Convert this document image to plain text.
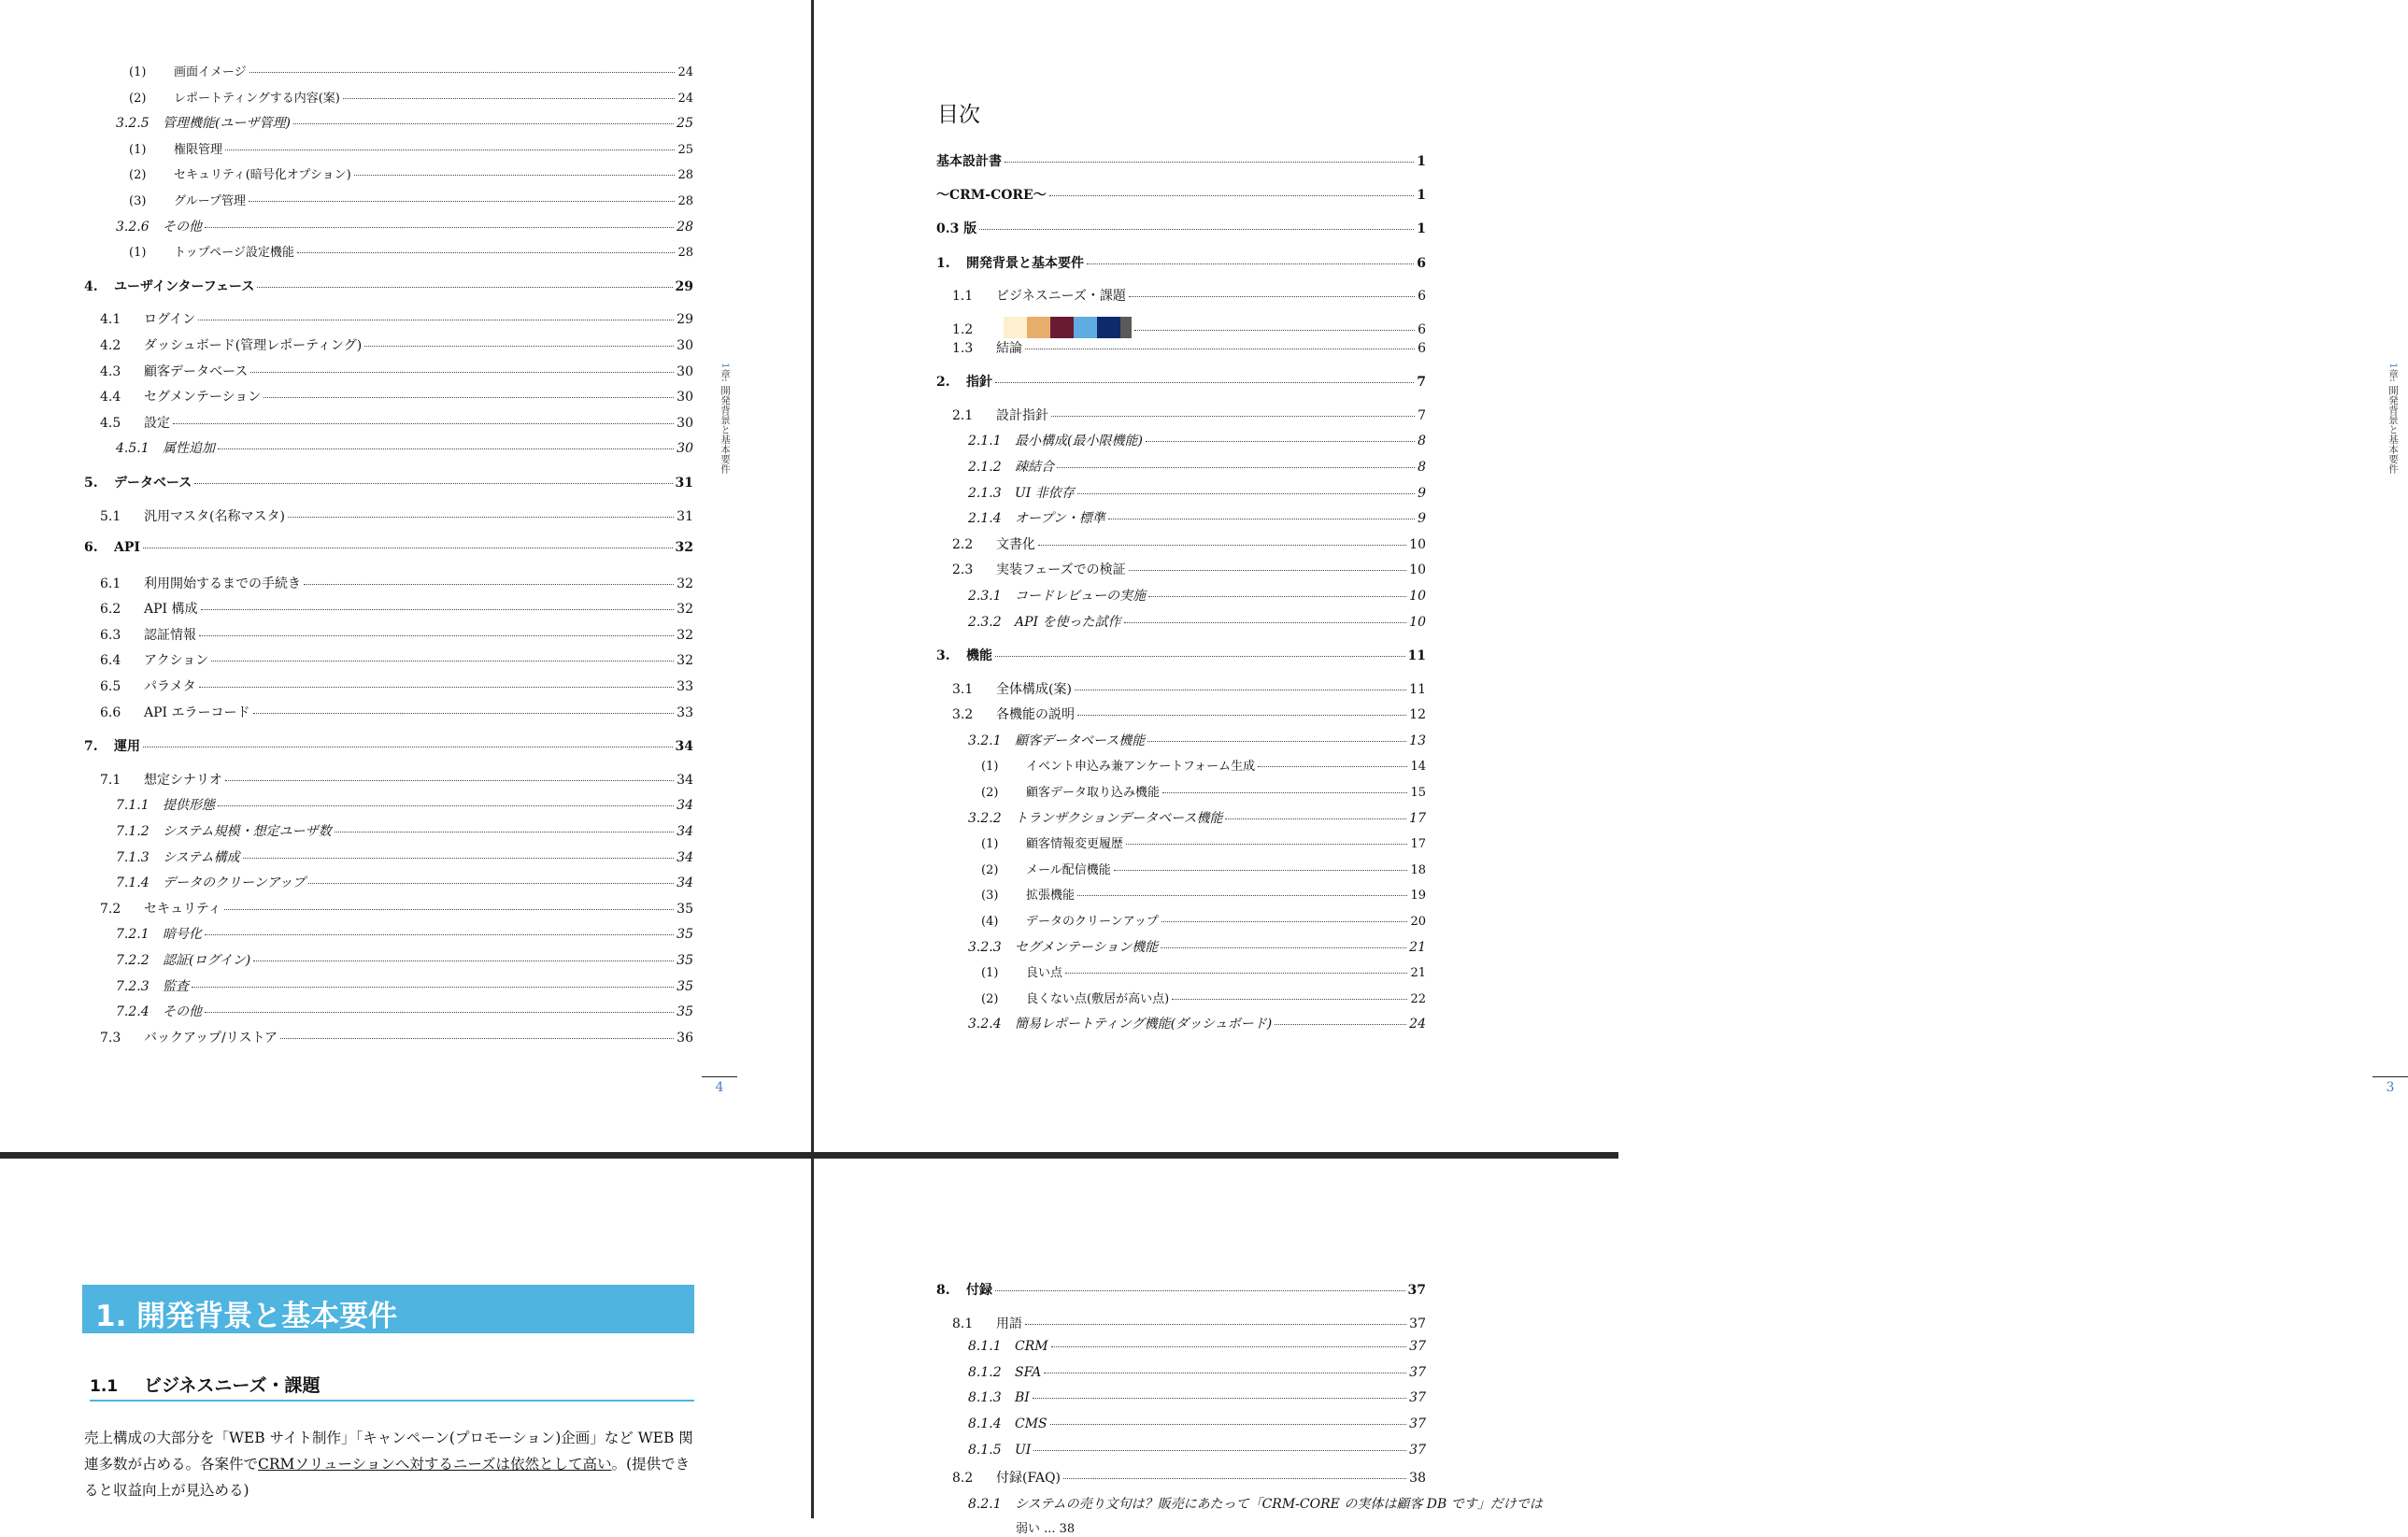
(1)	画面イメージ	24
(2)	レポートティングする内容(案)	24
3.2.5	管理機能(ユーザ管理)	25
(1)	権限管理	25
(2)	セキュリティ(暗号化オプション)	28
(3)	グループ管理	28
3.2.6	その他	28
(1)	トップページ設定機能	28
4.	ユーザインターフェース	29
4.1	ログイン	29
4.2	ダッシュボード(管理レポーティング)	30
4.3	顧客データベース	30
4.4	セグメンテーション	30
4.5	設定	30
4.5.1	属性追加	30
5.	データベース	31
5.1	汎用マスタ(名称マスタ)	31
6.	API	32
6.1	利用開始するまでの手続き	32
6.2	API 構成	32
6.3	認証情報	32
6.4	アクション	32
6.5	パラメタ	33
6.6	API エラーコード	33
7.	運用	34
7.1	想定シナリオ	34
7.1.1	提供形態	34
7.1.2	システム規模・想定ユーザ数	34
7.1.3	システム構成	34
7.1.4	データのクリーンアップ	34
7.2	セキュリティ	35
7.2.1	暗号化	35
7.2.2	認証(ログイン)	35
7.2.3	監査	35
7.2.4	その他	35
7.3	バックアップ/リストア	36
1章: 開発背景と基本要件
4
目次
基本設計書	1
〜CRM-CORE〜	1
0.3 版	1
1.	開発背景と基本要件	6
1.1	ビジネスニーズ・課題	6
1.2	6
1.3	結論	6
2.	指針	7
2.1	設計指針	7
2.1.1	最小構成(最小限機能)	8
2.1.2	疎結合	8
2.1.3	UI 非依存	9
2.1.4	オープン・標準	9
2.2	文書化	10
2.3	実装フェーズでの検証	10
2.3.1	コードレビューの実施	10
2.3.2	API を使った試作	10
3.	機能	11
3.1	全体構成(案)	11
3.2	各機能の説明	12
3.2.1	顧客データベース機能	13
(1)	イベント申込み兼アンケートフォーム生成	14
(2)	顧客データ取り込み機能	15
3.2.2	トランザクションデータベース機能	17
(1)	顧客情報変更履歴	17
(2)	メール配信機能	18
(3)	拡張機能	19
(4)	データのクリーンアップ	20
3.2.3	セグメンテーション機能	21
(1)	良い点	21
(2)	良くない点(敷居が高い点)	22
3.2.4	簡易レポートティング機能(ダッシュボード)	24
1章: 開発背景と基本要件
3
1. 開発背景と基本要件
1.1 ビジネスニーズ・課題

売上構成の大部分を「WEB サイト制作」「キャンペーン(プロモーション)企画」など WEB 関連多数が占める。各案件でCRMソリューションへ対するニーズは依然として高い。(提供できると収益向上が見込める)

8.	付録	37
8.1	用語	37
8.1.1	CRM	37
8.1.2	SFA	37
8.1.3	BI	37
8.1.4	CMS	37
8.1.5	UI	37
8.2	付録(FAQ)	38
8.2.1	システムの売り文句は？販売にあたって「CRM-CORE の実体は顧客 DB です」だけでは
弱い ... 38
